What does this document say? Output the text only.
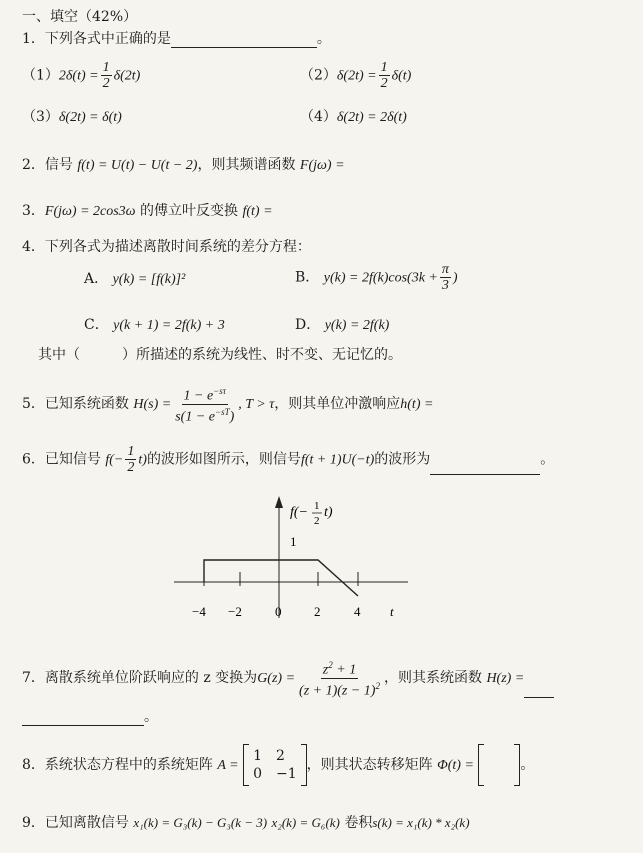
一、填空（42%）
1．下列各式中正确的是	。
$(1)2\delta(t) = \frac{1}{2} \delta(2t)$	$(2)\delta(2t) = \frac{1}{2} \delta(t)$
（3）δ(2t) = δ(t)	（4）δ(2t) = 2δ(t)
2．信号 f(t) = U(t) − U(t − 2)，则其频谱函数 F(jω) =
3．F(jω) = 2cos3ω 的傅立叶反变换 f(t) =
4．下列各式为描述离散时间系统的差分方程：
A． y(k) = [f(k)]²	B． $y(k) = 2f(k)\cos(3k + \frac{\pi}{3}$ )
C． y(k + 1) = 2f(k) + 3	D． y(k) = 2f(k)
其中（	）所描述的系统为线性、时不变、无记忆的。
5．已知系统函数 $H(s) = \frac{1 - e^{-s\tau}}{s(1 - e^{-sT})}$ , T > τ，则其单位冲激响应h(t) =
6．已知信号 $f(- \frac{1}{2} t)$的波形如图所示，则信号f(t + 1)U(−t)的波形为	。
−4 −2	0	2	4 t
1
f(− 1
2
t)
7．离散系统单位阶跃响应的 z 变换为$G(z) = \frac{z^2 + 1}{(z + 1)(z - 1)^2}$ ，则其系统函数 H(z) =
。
8．系统状态方程中的系统矩阵 A =
1 2
0 −1
，则其状态转移矩阵 Φ(t) =	。
9．已知离散信号 x₁(k) = G₃(k) − G₃(k − 3) x₂(k) = G₆(k) 卷积s(k) = x₁(k) * x₂(k)
